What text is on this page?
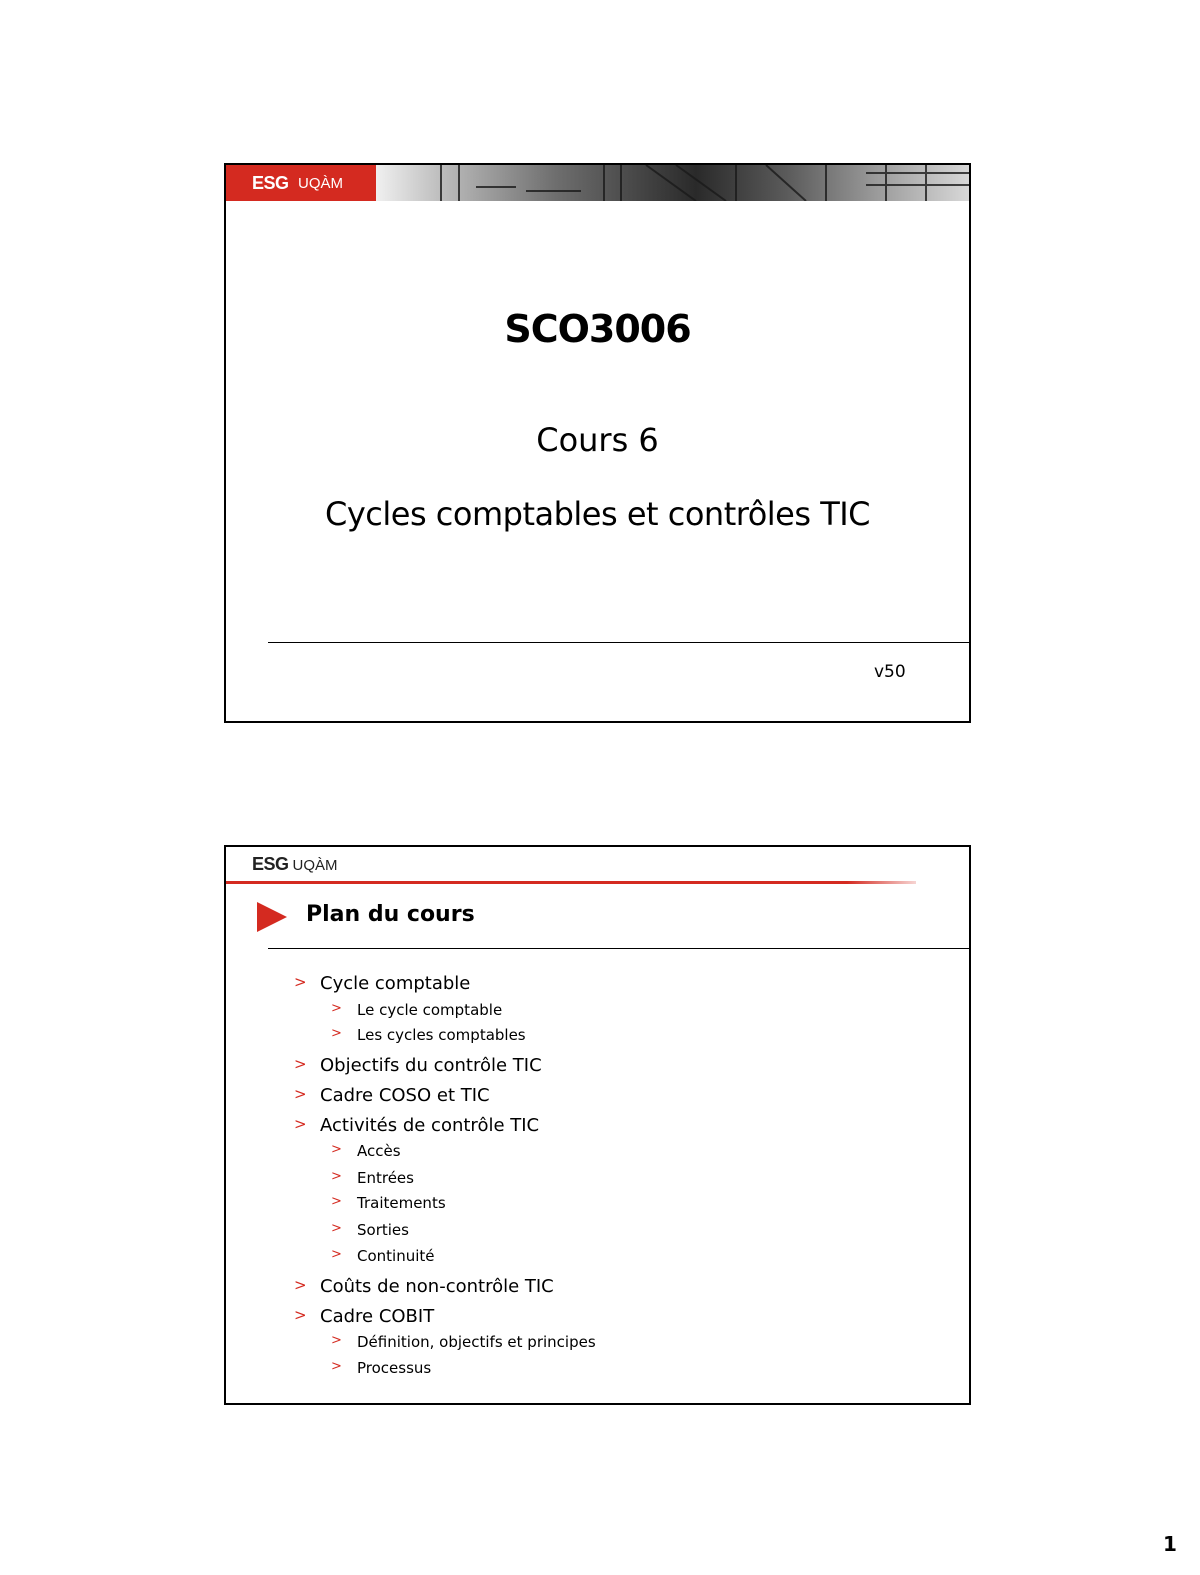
ESG UQÀM
SCO3006
Cours 6
Cycles comptables et contrôles TIC
v50
ESG UQÀM
Plan du cours
> Cycle comptable
> Le cycle comptable
> Les cycles comptables
> Objectifs du contrôle TIC
> Cadre COSO et TIC
> Activités de contrôle TIC
> Accès
> Entrées
> Traitements
> Sorties
> Continuité
> Coûts de non-contrôle TIC
> Cadre COBIT
> Définition, objectifs et principes
> Processus
1
